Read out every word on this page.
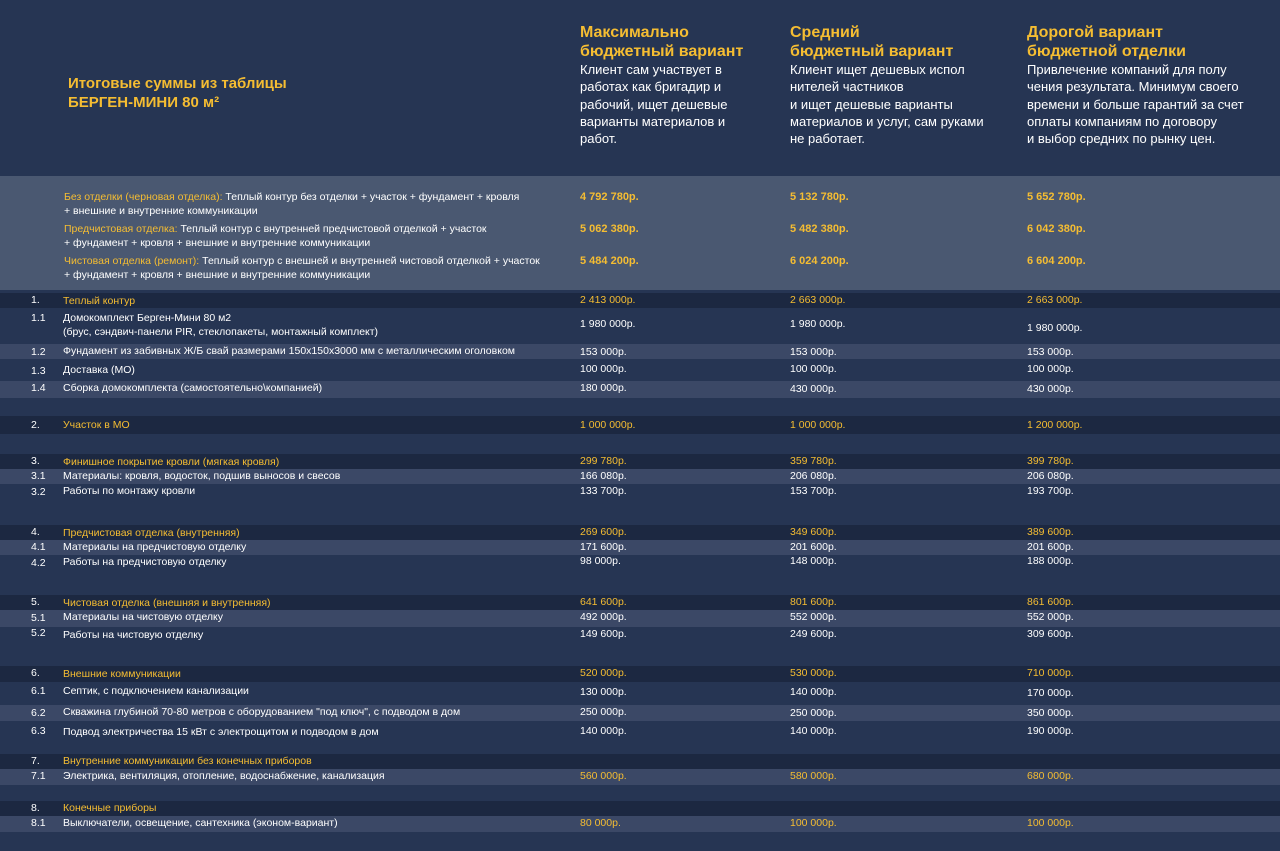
Итоговые суммы из таблицы
БЕРГЕН-МИНИ 80 м²
Максимально
бюджетный вариант
Клиент сам участвует в
работах как бригадир и
рабочий, ищет дешевые
варианты материалов и
работ.
Средний
бюджетный вариант
Клиент ищет дешевых испол
нителей частников
и ищет дешевые варианты
материалов и услуг, сам руками
не работает.
Дорогой вариант
бюджетной отделки
Привлечение компаний для полу
чения результата. Минимум своего
времени и больше гарантий за счет
оплаты компаниям по договору
и выбор средних по рынку цен.
Без отделки (черновая отделка): Теплый контур без отделки + участок + фундамент + кровля
+ внешние и внутренние коммуникации
4 792 780р.	5 132 780р.	5 652 780р.
Предчистовая отделка: Теплый контур с внутренней предчистовой отделкой + участок
+ фундамент + кровля + внешние и внутренние коммуникации
5 062 380р.	5 482 380р.	6 042 380р.
Чистовая отделка (ремонт): Теплый контур с внешней и внутренней чистовой отделкой + участок
+ фундамент + кровля + внешние и внутренние коммуникации
5 484 200р.	6 024 200р.	6 604 200р.
1. Теплый контур	2 413 000р.	2 663 000р.	2 663 000р.
1.1 Домокомплект Берген-Мини 80 м2
(брус, сэндвич-панели PIR, стеклопакеты, монтажный комплект)
1 980 000р.	1 980 000р.	1 980 000р.
1.2 Фундамент из забивных Ж/Б свай размерами 150х150х3000 мм с металлическим оголовком	153 000р.	153 000р.	153 000р.
1.3 Доставка (МО)	100 000р.	100 000р.	100 000р.
1.4 Сборка домокомплекта (самостоятельно\компанией)	180 000р.	430 000р.	430 000р.
2. Участок в МО	1 000 000р.	1 000 000р.	1 200 000р.
3. Финишное покрытие кровли (мягкая кровля)	299 780р.	359 780р.	399 780р.
3.1 Материалы: кровля, водосток, подшив выносов и свесов	166 080р.	206 080р.	206 080р.
3.2 Работы по монтажу кровли	133 700р.	153 700р.	193 700р.
4. Предчистовая отделка (внутренняя)	269 600р.	349 600р.	389 600р.
4.1 Материалы на предчистовую отделку	171 600р.	201 600р.	201 600р.
4.2 Работы на предчистовую отделку	98 000р.	148 000р.	188 000р.
5. Чистовая отделка (внешняя и внутренняя)	641 600р.	801 600р.	861 600р.
5.1 Материалы на чистовую отделку	492 000р.	552 000р.	552 000р.
5.2 Работы на чистовую отделку	149 600р.	249 600р.	309 600р.
6. Внешние коммуникации	520 000р.	530 000р.	710 000р.
6.1 Септик, с подключением канализации	130 000р.	140 000р.	170 000р.
6.2 Скважина глубиной 70-80 метров с оборудованием "под ключ", с подводом в дом	250 000р.	250 000р.	350 000р.
6.3 Подвод электричества 15 кВт с электрощитом и подводом в дом	140 000р.	140 000р.	190 000р.
7. Внутренние коммуникации без конечных приборов
7.1 Электрика, вентиляция, отопление, водоснабжение, канализация	560 000р.	580 000р.	680 000р.
8. Конечные приборы
8.1 Выключатели, освещение, сантехника (эконом-вариант)	80 000р.	100 000р.	100 000р.
